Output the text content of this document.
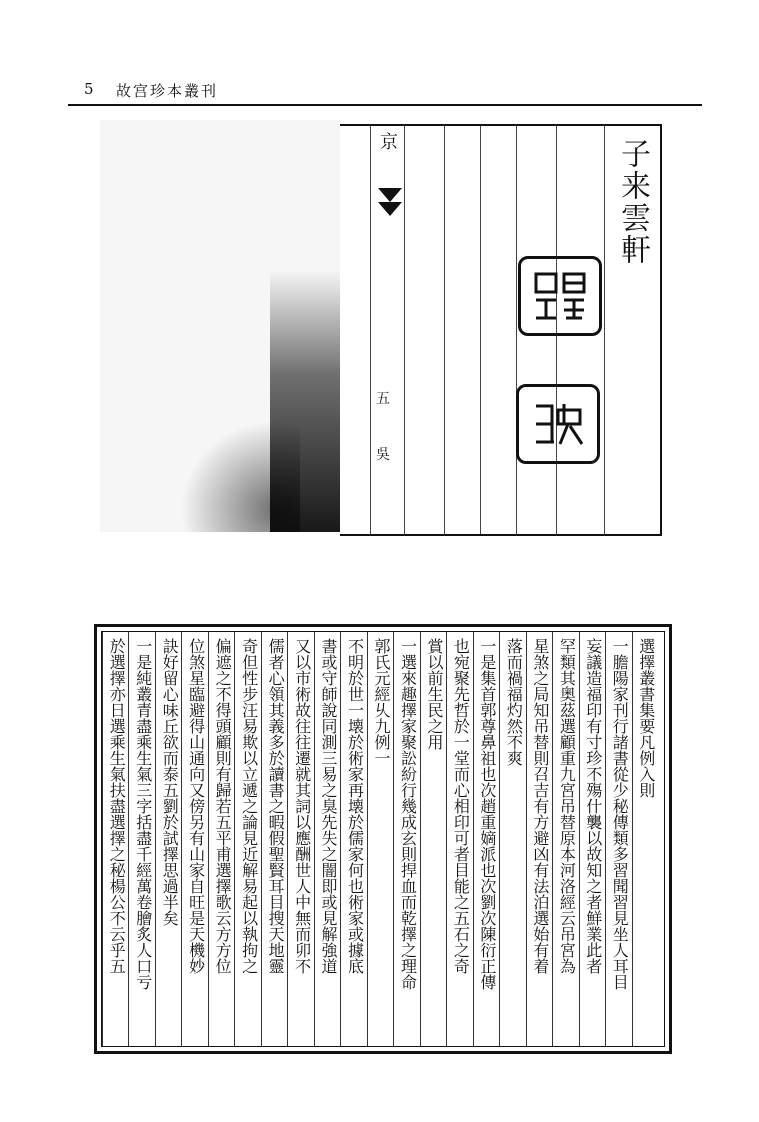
5 故宫珍本叢刊
京
五
吳
子来雲軒
選擇叢書集要凡例入則
一膽陽家刊行諸書從少秘傳類多習聞習見坐人耳目
妄議造福印有寸珍不殤什襲以故知之者鮮業此者
罕類其奥茲選顧重九宮吊替原本河洛經云吊宮為
星煞之局知吊替則召吉有方避凶有法泊選始有着
落而禍福灼然不爽
一是集首郭尊鼻祖也次趙重嫡派也次劉次陳衍正傳
也宛聚先哲於一堂而心相印可者目能之五石之奇
賞以前生民之用
一選來趣擇家聚訟紛行幾成玄則捍血而乾擇之理命
郭氏元經乆九例一
不明於世一壊於術家再壊於儒家何也術家或據底
書或守師說同測三易之臭先失之闇即或見解強道
又以市術故往往遷就其詞以應酬世人中無而卯不
儒者心領其義多於讀書之暇假聖賢耳目搜天地靈
奇但性步汪易欺以立遞之論見近解易起以執拘之
偏遮之不得頭顧則有歸若五平甫選擇歌云方方位
位煞星臨避得山通向又傍另有山家自旺是天機妙
訣好留心味丘欲而泰五劉於試擇思過半矣
一是純叢青盡乘生氣三字括盡千經萬卷膾炙人口亏
於選擇亦日選乘生氣扶盡選擇之秘楊公不云乎五
